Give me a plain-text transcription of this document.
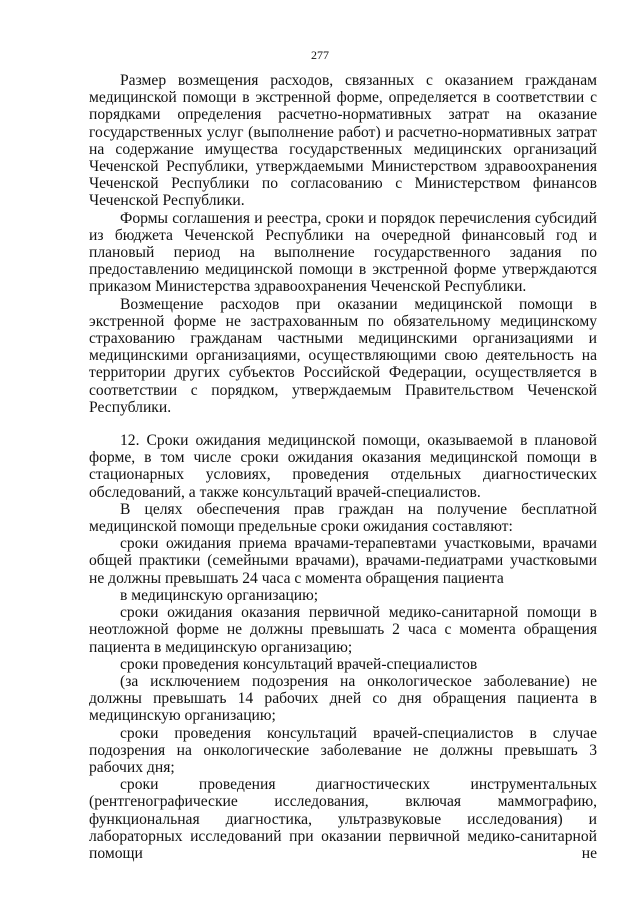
277

Размер возмещения расходов, связанных с оказанием гражданам медицинской помощи в экстренной форме, определяется в соответствии с порядками определения расчетно-нормативных затрат на оказание государственных услуг (выполнение работ) и расчетно-нормативных затрат на содержание имущества государственных медицинских организаций Чеченской Республики, утверждаемыми Министерством здравоохранения Чеченской Республики по согласованию с Министерством финансов Чеченской Республики.

Формы соглашения и реестра, сроки и порядок перечисления субсидий из бюджета Чеченской Республики на очередной финансовый год и плановый период на выполнение государственного задания по предоставлению медицинской помощи в экстренной форме утверждаются приказом Министерства здравоохранения Чеченской Республики.

Возмещение расходов при оказании медицинской помощи в экстренной форме не застрахованным по обязательному медицинскому страхованию гражданам частными медицинскими организациями и медицинскими организациями, осуществляющими свою деятельность на территории других субъектов Российской Федерации, осуществляется в соответствии с порядком, утверждаемым Правительством Чеченской Республики.

12. Сроки ожидания медицинской помощи, оказываемой в плановой форме, в том числе сроки ожидания оказания медицинской помощи в стационарных условиях, проведения отдельных диагностических обследований, а также консультаций врачей-специалистов.

В целях обеспечения прав граждан на получение бесплатной медицинской помощи предельные сроки ожидания составляют:

сроки ожидания приема врачами-терапевтами участковыми, врачами общей практики (семейными врачами), врачами-педиатрами участковыми не должны превышать 24 часа с момента обращения пациента

в медицинскую организацию;

сроки ожидания оказания первичной медико-санитарной помощи в неотложной форме не должны превышать 2 часа с момента обращения пациента в медицинскую организацию;

сроки проведения консультаций врачей-специалистов

(за исключением подозрения на онкологическое заболевание) не должны превышать 14 рабочих дней со дня обращения пациента в медицинскую организацию;

сроки проведения консультаций врачей-специалистов в случае подозрения на онкологические заболевание не должны превышать 3 рабочих дня;

сроки проведения диагностических инструментальных (рентгенографические исследования, включая маммографию, функциональная диагностика, ультразвуковые исследования) и лабораторных исследований при оказании первичной медико-санитарной помощи не
